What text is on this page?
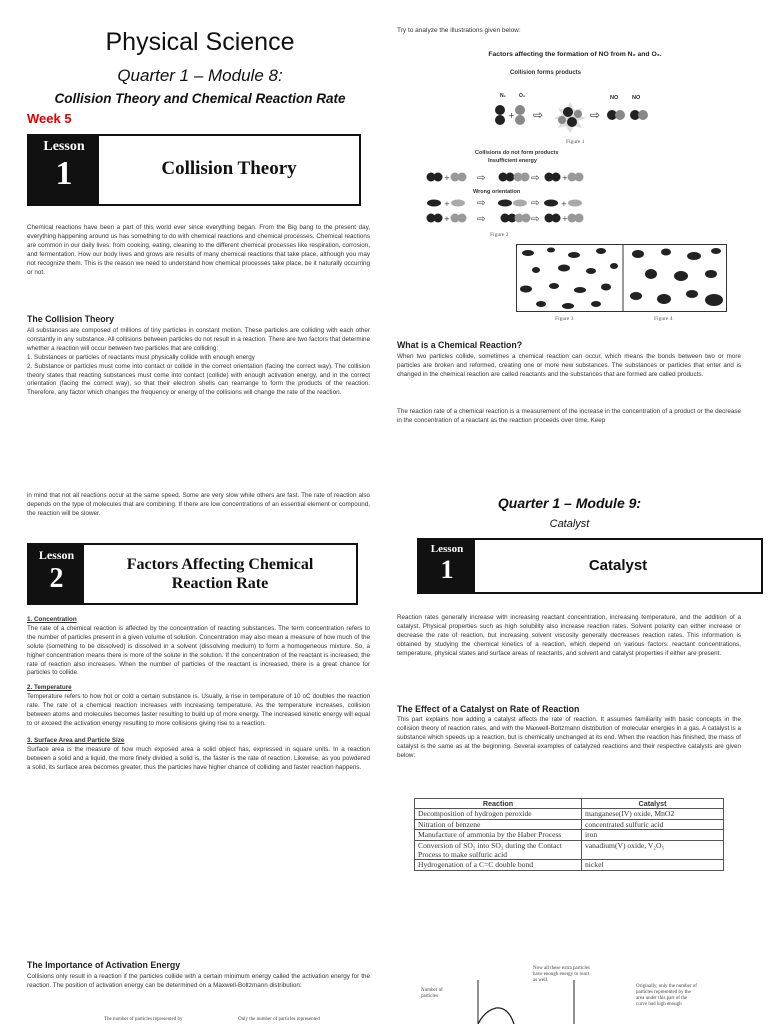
Physical Science
Quarter 1 – Module 8:
Collision Theory and Chemical Reaction Rate
Week 5
Lesson
1	Collision Theory
Chemical reactions have been a part of this world ever since everything began. From the Big bang to the present day, everything happening around us has something to do with chemical reactions and chemical processes. Chemical reactions are common in our daily lives: from cooking, eating, cleaning to the different chemical processes like respiration, corrosion, and fermentation. How our body lives and grows are results of many chemical reactions that take place, although you may not recognize them. This is the reason we need to understand how chemical processes take place, be it naturally occurring or not.
The Collision Theory
All substances are composed of millions of tiny particles in constant motion. These particles are colliding with each other constantly in any substance. All collisions between particles do not result in a reaction. There are two factors that determine whether a reaction will occur between two particles that are colliding:
1. Substances or particles of reactants must physically collide with enough energy
2. Substance or particles must come into contact or collide in the correct orientation (facing the correct way). The collision theory states that reacting substances must come into contact (collide) with enough activation energy, and in the correct orientation (facing the correct way), so that their electron shells can rearrange to form the products of the reaction. Therefore, any factor which changes the frequency or energy of the collisions will change the rate of the reaction.
in mind that not all reactions occur at the same speed. Some are very slow while others are fast. The rate of reaction also depends on the type of molecules that are combining. If there are low concentrations of an essential element or compound, the reaction will be slower.
Lesson
2	Factors Affecting Chemical
Reaction Rate
1. Concentration
The rate of a chemical reaction is affected by the concentration of reacting substances. The term concentration refers to the number of particles present in a given volume of solution. Concentration may also mean a measure of how much of the solute (something to be dissolved) is dissolved in a solvent (dissolving medium) to form a homogeneous mixture. So, a higher concentration means there is more of the solute in the solution. If the concentration of the reactant is increased, the rate of reaction also increases. When the number of particles of the reactant is increased, there is a great chance for particles to collide.
2. Temperature
Temperature refers to how hot or cold a certain substance is. Usually, a rise in temperature of 10 oC doubles the reaction rate. The rate of a chemical reaction increases with increasing temperature. As the temperature increases, collision between atoms and molecules becomes faster resulting to build up of more energy. The increased kinetic energy will equal to or exceed the activation energy resulting to more collisions giving rise to a reaction.
3. Surface Area and Particle Size
Surface area is the measure of how much exposed area a solid object has, expressed in square units. In a reaction between a solid and a liquid, the more finely divided a solid is, the faster is the rate of reaction. Likewise, as you powdered a solid, its surface area becomes greater, thus the particles have higher chance of colliding and faster reaction happens.
The Importance of Activation Energy
Collisions only result in a reaction if the particles collide with a certain minimum energy called the activation energy for the reaction. The position of activation energy can be determined on a Maxwell-Boltzmann distribution:
The number of particles represented by	Only the number of particles represented
Try to analyze the illustrations given below:
Factors affecting the formation of NO from N₂ and O₂.
Collision forms products
N₂	O₂	NO	NO
+ ⇨	⇨
Figure 1
Collisions do not form products
Insufficient energy
+	⇨	⇨	+
Wrong orientation
+	⇨	⇨	+
+	⇨	⇨	+
Figure 2
Figure 3	Figure 4
What is a Chemical Reaction?
When two particles collide, sometimes a chemical reaction can occur, which means the bonds between two or more particles are broken and reformed, creating one or more new substances. The substances or particles that enter and is changed in the chemical reaction are called reactants and the substances that are formed are called products.
The reaction rate of a chemical reaction is a measurement of the increase in the concentration of a product or the decrease in the concentration of a reactant as the reaction proceeds over time. Keep
Quarter 1 – Module 9:
Catalyst
Lesson
1	Catalyst
Reaction rates generally increase with increasing reactant concentration, increasing temperature, and the addition of a catalyst. Physical properties such as high solubility also increase reaction rates. Solvent polarity can either increase or decrease the rate of reaction, but increasing solvent viscosity generally decreases reaction rates. This information is obtained by studying the chemical kinetics of a reaction, which depend on various factors: reactant concentrations, temperature, physical states and surface areas of reactants, and solvent and catalyst properties if either are present.
The Effect of a Catalyst on Rate of Reaction
This part explains how adding a catalyst affects the rate of reaction. It assumes familiarity with basic concepts in the collision theory of reaction rates, and with the Maxwell-Boltzmann distribution of molecular energies in a gas. A catalyst is a substance which speeds up a reaction, but is chemically unchanged at its end. When the reaction has finished, the mass of catalyst is the same as at the beginning. Several examples of catalyzed reactions and their respective catalysts are given below:
Reaction	Catalyst
Decomposition of hydrogen peroxide	manganese(IV) oxide, MnO2
Nitration of benzene	concentrated sulfuric acid
Manufacture of ammonia by the Haber Process	iron
Conversion of SO₂ into SO₃ during the Contact Process to make sulfuric acid	vanadium(V) oxide, V₂O₅
Hydrogenation of a C=C double bond	nickel
Number of particles
Now all these extra particles have enough energy to react as well.
Originally, only the number of particles represented by the area under this part of the curve had high enough
